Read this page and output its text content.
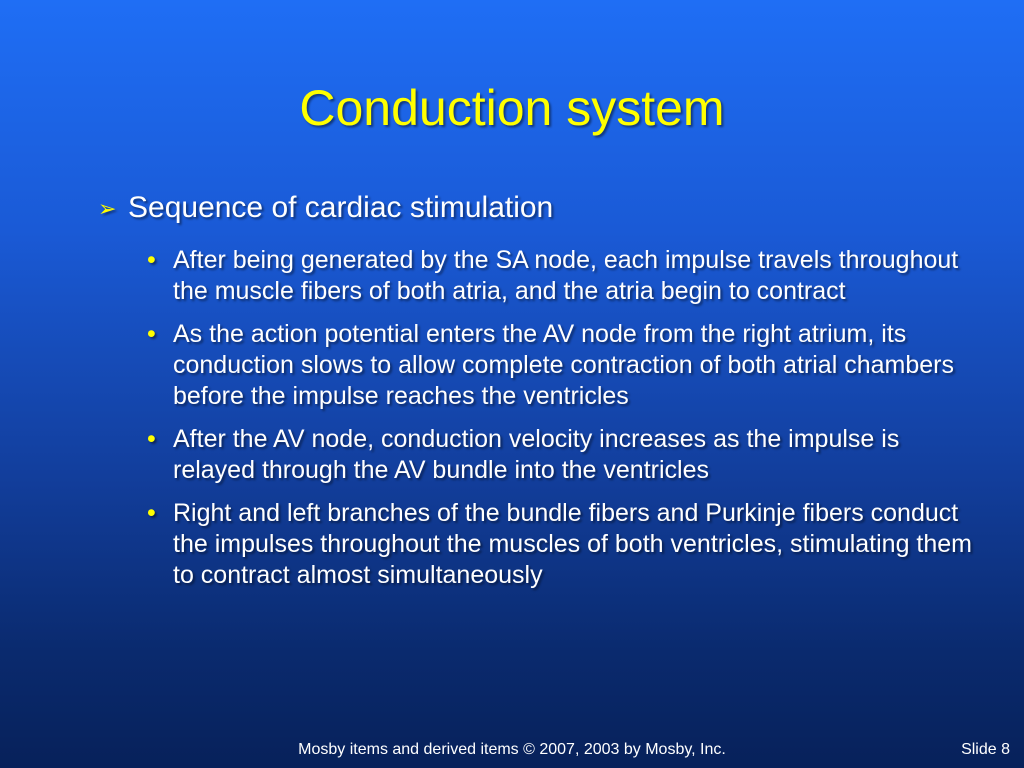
Conduction system
➢ Sequence of cardiac stimulation
• After being generated by the SA node, each impulse travels throughout the muscle fibers of both atria, and the atria begin to contract
• As the action potential enters the AV node from the right atrium, its conduction slows to allow complete contraction of both atrial chambers before the impulse reaches the ventricles
• After the AV node, conduction velocity increases as the impulse is relayed through the AV bundle into the ventricles
• Right and left branches of the bundle fibers and Purkinje fibers conduct the impulses throughout the muscles of both ventricles, stimulating them to contract almost simultaneously
Mosby items and derived items © 2007, 2003 by Mosby, Inc.	Slide 8
